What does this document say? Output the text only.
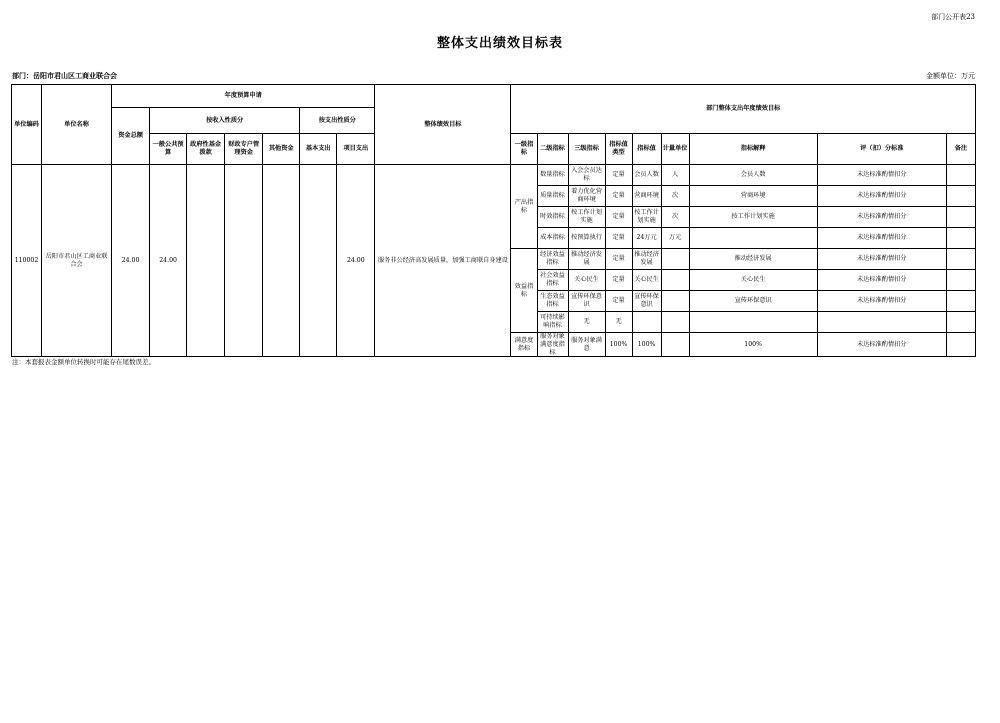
部门公开表23
整体支出绩效目标表
部门：岳阳市君山区工商业联合会	金额单位：万元
单位编码	单位名称	年度预算申请							整体绩效目标	部门整体支出年度绩效目标								
		资金总额	按收入性质分				按支出性质分											
			一般公共预算	政府性基金拨款	财政专户管理资金	其他资金	基本支出	项目支出		一级指标	二级指标	三级指标	指标值类型	指标值	计量单位	指标解释	评（扣）分标准	备注
110002	岳阳市君山区工商业联合会	24.00	24.00					24.00	服务非公经济高发展质量，加强工商联自身建设	产出指标	数量指标	入会会员达标	定量	会员人数	人	会员人数	未达标准酌情扣分	
											质量指标	着力优化营商环境	定量	营商环境	次	营商环境	未达标准酌情扣分	
											时效指标	按工作计划实施	定量	按工作计划实施	次	按工作计划实施	未达标准酌情扣分	
											成本指标	按预算执行	定量	24万元	万元		未达标准酌情扣分	
										效益指标	经济效益指标	推动经济发展	定量	推动经济发展		推动经济发展	未达标准酌情扣分	
											社会效益指标	关心民生	定量	关心民生		关心民生	未达标准酌情扣分	
											生态效益指标	宣传环保意识	定量	宣传环保意识		宣传环保意识	未达标准酌情扣分	
											可持续影响指标	无	无					
										满意度指标	服务对象满意度指标	服务对象满意	100%	100%		100%	未达标准酌情扣分	
注：本套报表金额单位转换时可能存在尾数误差。
